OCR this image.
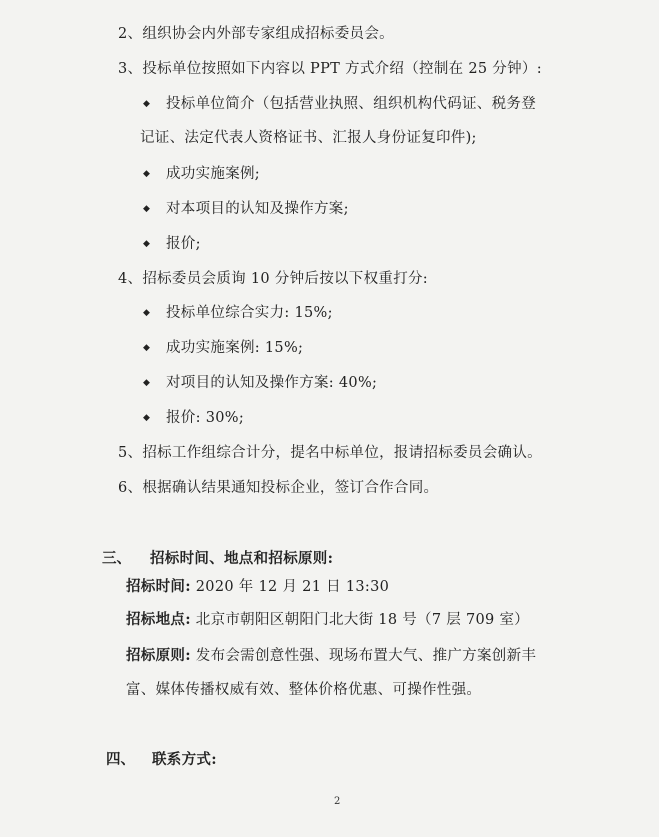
2、组织协会内外部专家组成招标委员会。
3、投标单位按照如下内容以 PPT 方式介绍（控制在 25 分钟）:
◆ 投标单位简介（包括营业执照、组织机构代码证、税务登
记证、法定代表人资格证书、汇报人身份证复印件);
◆ 成功实施案例;
◆ 对本项目的认知及操作方案;
◆ 报价;
4、招标委员会质询 10 分钟后按以下权重打分:
◆ 投标单位综合实力: 15%;
◆ 成功实施案例: 15%;
◆ 对项目的认知及操作方案: 40%;
◆ 报价: 30%;
5、招标工作组综合计分，提名中标单位，报请招标委员会确认。
6、根据确认结果通知投标企业，签订合作合同。
三、 招标时间、地点和招标原则:
招标时间: 2020 年 12 月 21 日 13:30
招标地点: 北京市朝阳区朝阳门北大街 18 号（7 层 709 室）
招标原则: 发布会需创意性强、现场布置大气、推广方案创新丰
富、媒体传播权威有效、整体价格优惠、可操作性强。
四、 联系方式:
2
